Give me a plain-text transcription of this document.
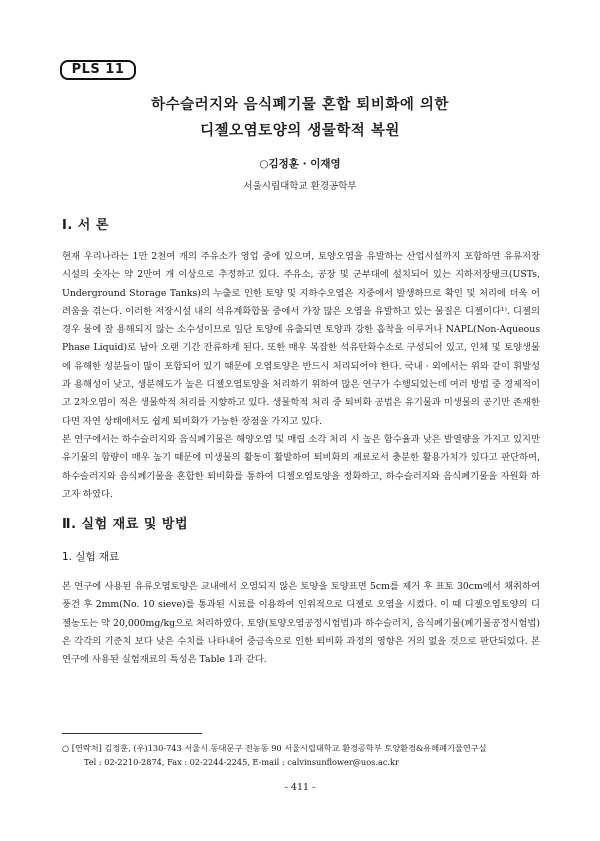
PLS 11
하수슬러지와 음식폐기물 혼합 퇴비화에 의한
디젤오염토양의 생물학적 복원
○김정훈 · 이재영
서울시립대학교 환경공학부
Ⅰ. 서 론

현재 우리나라는 1만 2천여 개의 주유소가 영업 중에 있으며, 토양오염을 유발하는 산업시설까지 포함하면 유류저장 시설의 숫자는 약 2만여 개 이상으로 추정하고 있다. 주유소, 공장 및 군부대에 설치되어 있는 지하저장탱크(USTs, Underground Storage Tanks)의 누출로 인한 토양 및 지하수오염은 지중에서 발생하므로 확인 및 처리에 더욱 어려움을 겪는다. 이러한 저장시설 내의 석유계화합물 중에서 가장 많은 오염을 유발하고 있는 물질은 디젤이다¹⁾. 디젤의 경우 물에 잘 용해되지 않는 소수성이므로 일단 토양에 유출되면 토양과 강한 흡착을 이루거나 NAPL(Non-Aqueous Phase Liquid)로 남아 오랜 기간 잔류하게 된다. 또한 매우 복잡한 석유탄화수소로 구성되어 있고, 인체 및 토양생물에 유해한 성분들이 많이 포함되어 있기 때문에 오염토양은 반드시 처리되어야 한다. 국내 · 외에서는 위와 같이 휘발성과 용해성이 낮고, 생분해도가 높은 디젤오염토양을 처리하기 위하여 많은 연구가 수행되었는데 여러 방법 중 경제적이고 2차오염이 적은 생물학적 처리를 지향하고 있다. 생물학적 처리 중 퇴비화 공법은 유기물과 미생물의 공기만 존재한다면 자연 상태에서도 쉽게 퇴비화가 가능한 장점을 가지고 있다.

본 연구에서는 하수슬러지와 음식폐기물은 해양오염 및 매립 소각 처리 시 높은 함수율과 낮은 발열량을 가지고 있지만 유기물의 함량이 매우 높기 때문에 미생물의 활동이 활발하여 퇴비화의 재료로서 충분한 활용가치가 있다고 판단하여, 하수슬러지와 음식폐기물을 혼합한 퇴비화를 통하여 디젤오염토양을 정화하고, 하수슬러지와 음식폐기물을 자원화 하고자 하였다.

Ⅱ. 실험 재료 및 방법
1. 실험 재료

본 연구에 사용된 유류오염토양은 교내에서 오염되지 않은 토양을 토양표면 5cm를 제거 후 표토 30cm에서 채취하여 풍건 후 2mm(No. 10 sieve)를 통과된 시료를 이용하여 인위적으로 디젤로 오염을 시켰다. 이 때 디젤오염토양의 디젤농도는 약 20,000mg/kg으로 처리하였다. 토양(토양오염공정시험법)과 하수슬러지, 음식폐기물(폐기물공정시험법)은 각각의 기준치 보다 낮은 수치를 나타내어 중금속으로 인한 퇴비화 과정의 영향은 거의 없을 것으로 판단되었다. 본 연구에 사용된 실험재료의 특성은 Table 1과 같다.

○ [연락처] 김정훈, (우)130-743 서울시 동대문구 전농동 90 서울시립대학교 환경공학부 토양환경&유해폐기물연구실
Tel : 02-2210-2874, Fax : 02-2244-2245, E-mail : calvinsunflower@uos.ac.kr
- 411 -
